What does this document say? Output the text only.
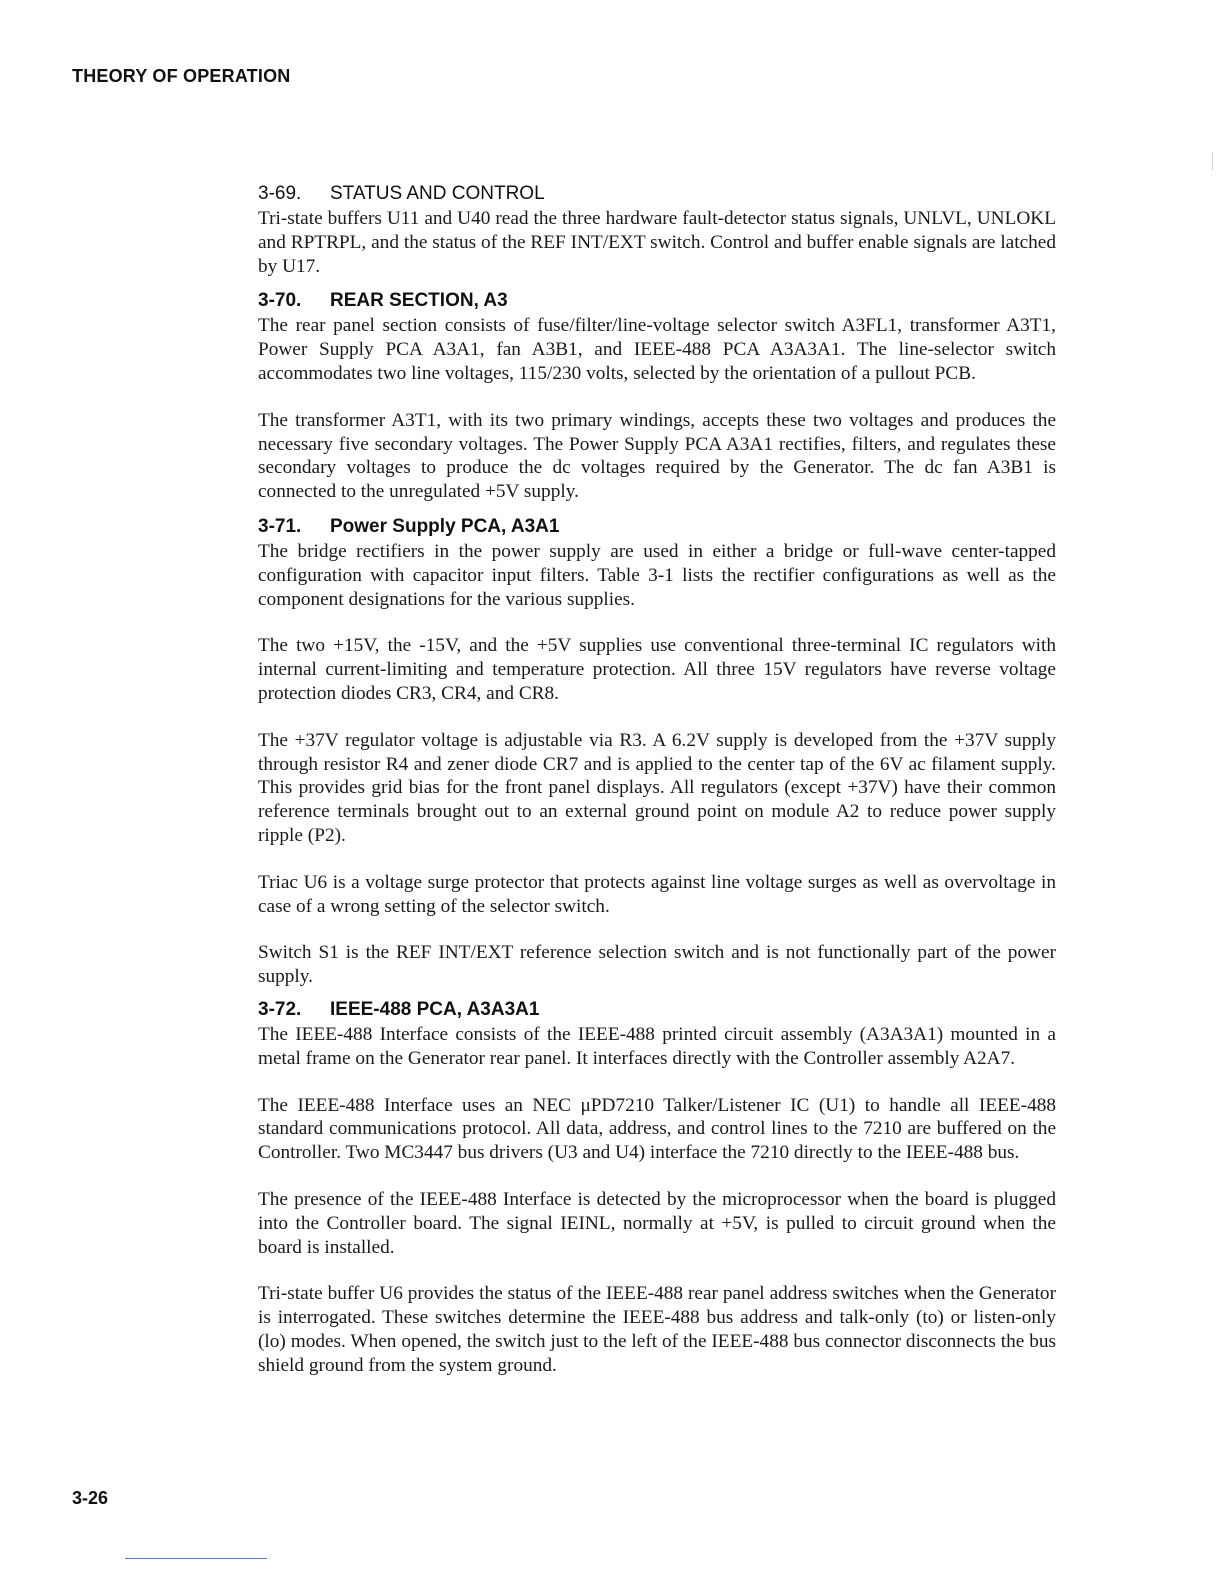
THEORY OF OPERATION
3-69. STATUS AND CONTROL

Tri-state buffers U11 and U40 read the three hardware fault-detector status signals, UNLVL, UNLOKL and RPTRPL, and the status of the REF INT/EXT switch. Control and buffer enable signals are latched by U17.

3-70. REAR SECTION, A3

The rear panel section consists of fuse/filter/line-voltage selector switch A3FL1, transformer A3T1, Power Supply PCA A3A1, fan A3B1, and IEEE-488 PCA A3A3A1. The line-selector switch accommodates two line voltages, 115/230 volts, selected by the orientation of a pullout PCB.

The transformer A3T1, with its two primary windings, accepts these two voltages and produces the necessary five secondary voltages. The Power Supply PCA A3A1 rectifies, filters, and regulates these secondary voltages to produce the dc voltages required by the Generator. The dc fan A3B1 is connected to the unregulated +5V supply.

3-71. Power Supply PCA, A3A1

The bridge rectifiers in the power supply are used in either a bridge or full-wave center-tapped configuration with capacitor input filters. Table 3-1 lists the rectifier configurations as well as the component designations for the various supplies.

The two +15V, the -15V, and the +5V supplies use conventional three-terminal IC regulators with internal current-limiting and temperature protection. All three 15V regulators have reverse voltage protection diodes CR3, CR4, and CR8.

The +37V regulator voltage is adjustable via R3. A 6.2V supply is developed from the +37V supply through resistor R4 and zener diode CR7 and is applied to the center tap of the 6V ac filament supply. This provides grid bias for the front panel displays. All regulators (except +37V) have their common reference terminals brought out to an external ground point on module A2 to reduce power supply ripple (P2).

Triac U6 is a voltage surge protector that protects against line voltage surges as well as overvoltage in case of a wrong setting of the selector switch.

Switch S1 is the REF INT/EXT reference selection switch and is not functionally part of the power supply.

3-72. IEEE-488 PCA, A3A3A1

The IEEE-488 Interface consists of the IEEE-488 printed circuit assembly (A3A3A1) mounted in a metal frame on the Generator rear panel. It interfaces directly with the Controller assembly A2A7.

The IEEE-488 Interface uses an NEC μPD7210 Talker/Listener IC (U1) to handle all IEEE-488 standard communications protocol. All data, address, and control lines to the 7210 are buffered on the Controller. Two MC3447 bus drivers (U3 and U4) interface the 7210 directly to the IEEE-488 bus.

The presence of the IEEE-488 Interface is detected by the microprocessor when the board is plugged into the Controller board. The signal IEINL, normally at +5V, is pulled to circuit ground when the board is installed.

Tri-state buffer U6 provides the status of the IEEE-488 rear panel address switches when the Generator is interrogated. These switches determine the IEEE-488 bus address and talk-only (to) or listen-only (lo) modes. When opened, the switch just to the left of the IEEE-488 bus connector disconnects the bus shield ground from the system ground.

3-26
